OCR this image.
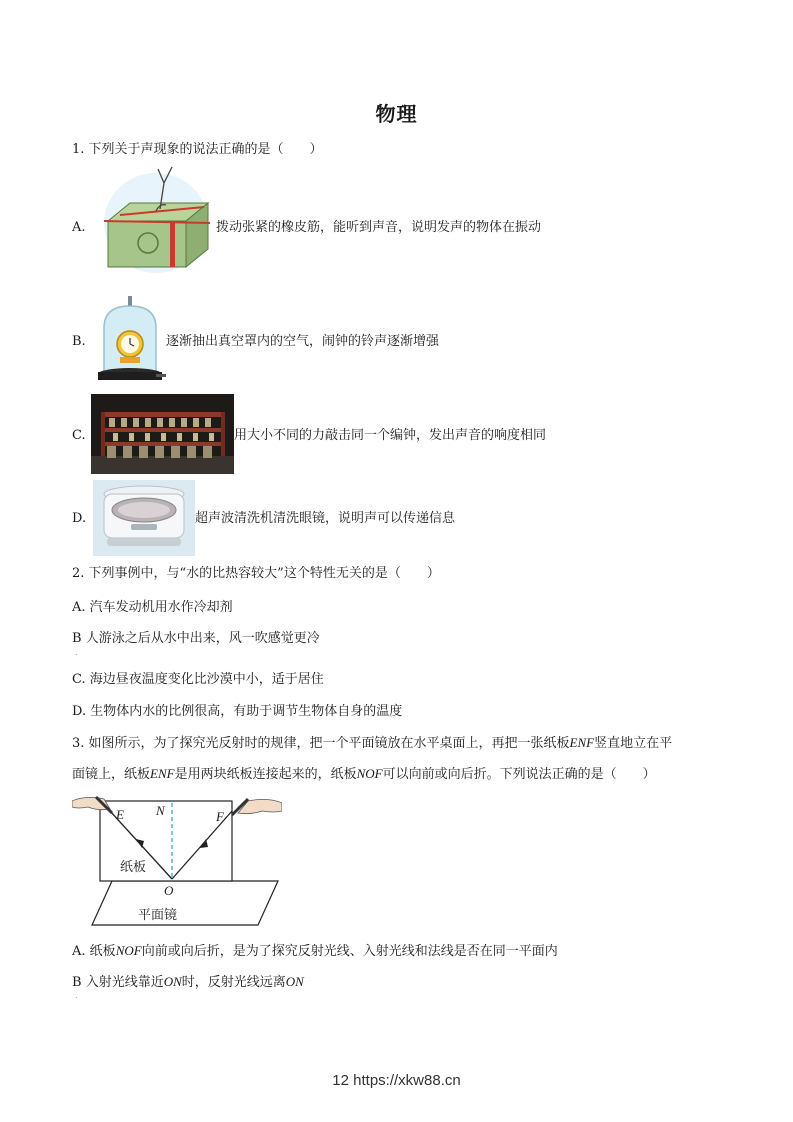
物理
1. 下列关于声现象的说法正确的是（　　）
A.	拨动张紧的橡皮筋，能听到声音，说明发声的物体在振动
B.	逐渐抽出真空罩内的空气，闹钟的铃声逐渐增强
C.	用大小不同的力敲击同一个编钟，发出声音的响度相同
D.	超声波清洗机清洗眼镜，说明声可以传递信息
2. 下列事例中，与“水的比热容较大”这个特性无关的是（　　）
A. 汽车发动机用水作冷却剂
B 人游泳之后从水中出来，风一吹感觉更冷
.
C. 海边昼夜温度变化比沙漠中小，适于居住
D. 生物体内水的比例很高，有助于调节生物体自身的温度
3. 如图所示，为了探究光反射时的规律，把一个平面镜放在水平桌面上，再把一张纸板ENF竖直地立在平
面镜上，纸板ENF是用两块纸板连接起来的，纸板NOF可以向前或向后折。下列说法正确的是（　　）
E N	F
O
纸板
平面镜
A. 纸板NOF向前或向后折，是为了探究反射光线、入射光线和法线是否在同一平面内
B 入射光线靠近ON时，反射光线远离ON
.
12 https://xkw88.cn
